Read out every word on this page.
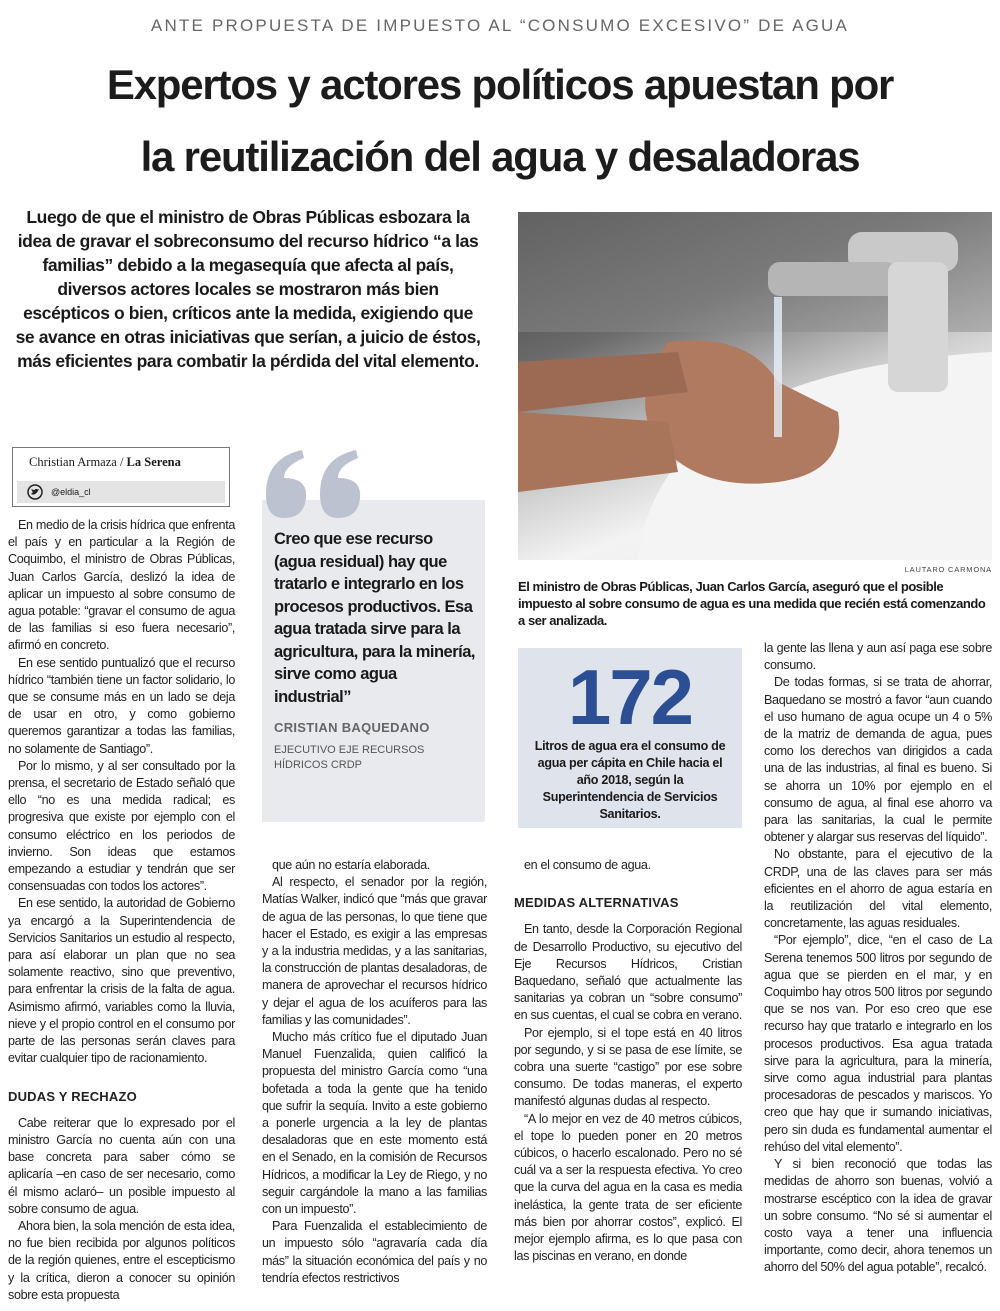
ANTE PROPUESTA DE IMPUESTO AL “CONSUMO EXCESIVO” DE AGUA
Expertos y actores políticos apuestan por
la reutilización del agua y desaladoras
Luego de que el ministro de Obras Públicas esbozara la idea de gravar el sobreconsumo del recurso hídrico “a las familias” debido a la megasequía que afecta al país, diversos actores locales se mostraron más bien escépticos o bien, críticos ante la medida, exigiendo que se avance en otras iniciativas que serían, a juicio de éstos, más eficientes para combatir la pérdida del vital elemento.
LAUTARO CARMONA
El ministro de Obras Públicas, Juan Carlos García, aseguró que el posible impuesto al sobre consumo de agua es una medida que recién está comenzando a ser analizada.
Christian Armaza / La Serena
@eldia_cl

En medio de la crisis hídrica que enfrenta el país y en particular a la Región de Coquimbo, el ministro de Obras Públicas, Juan Carlos García, deslizó la idea de aplicar un impuesto al sobre consumo de agua potable: “gravar el consumo de agua de las familias si eso fuera necesario”, afirmó en concreto.

En ese sentido puntualizó que el recurso hídrico “también tiene un factor solidario, lo que se consume más en un lado se deja de usar en otro, y como gobierno queremos garantizar a todas las familias, no solamente de Santiago”.

Por lo mismo, y al ser consultado por la prensa, el secretario de Estado señaló que ello “no es una medida radical; es progresiva que existe por ejemplo con el consumo eléctrico en los periodos de invierno. Son ideas que estamos empezando a estudiar y tendrán que ser consensuadas con todos los actores”.

En ese sentido, la autoridad de Gobierno ya encargó a la Superintendencia de Servicios Sanitarios un estudio al respecto, para así elaborar un plan que no sea solamente reactivo, sino que preventivo, para enfrentar la crisis de la falta de agua. Asimismo afirmó, variables como la lluvia, nieve y el propio control en el consumo por parte de las personas serán claves para evitar cualquier tipo de racionamiento.

DUDAS Y RECHAZO

Cabe reiterar que lo expresado por el ministro García no cuenta aún con una base concreta para saber cómo se aplicaría –en caso de ser necesario, como él mismo aclaró– un posible impuesto al sobre consumo de agua.

Ahora bien, la sola mención de esta idea, no fue bien recibida por algunos políticos de la región quienes, entre el escepticismo y la crítica, dieron a conocer su opinión sobre esta propuesta

Creo que ese recurso (agua residual) hay que tratarlo e integrarlo en los procesos productivos. Esa agua tratada sirve para la agricultura, para la minería, sirve como agua industrial”
CRISTIAN BAQUEDANO
EJECUTIVO EJE RECURSOS HÍDRICOS CRDP

que aún no estaría elaborada.

Al respecto, el senador por la región, Matías Walker, indicó que “más que gravar de agua de las personas, lo que tiene que hacer el Estado, es exigir a las empresas y a la industria medidas, y a las sanitarias, la construcción de plantas desaladoras, de manera de aprovechar el recursos hídrico y dejar el agua de los acuíferos para las familias y las comunidades”.

Mucho más crítico fue el diputado Juan Manuel Fuenzalida, quien calificó la propuesta del ministro García como “una bofetada a toda la gente que ha tenido que sufrir la sequía. Invito a este gobierno a ponerle urgencia a la ley de plantas desaladoras que en este momento está en el Senado, en la comisión de Recursos Hídricos, a modificar la Ley de Riego, y no seguir cargándole la mano a las familias con un impuesto”.

Para Fuenzalida el establecimiento de un impuesto sólo “agravaría cada día más” la situación económica del país y no tendría efectos restrictivos

172
Litros de agua era el consumo de agua per cápita en Chile hacia el año 2018, según la Superintendencia de Servicios Sanitarios.

en el consumo de agua.

MEDIDAS ALTERNATIVAS

En tanto, desde la Corporación Regional de Desarrollo Productivo, su ejecutivo del Eje Recursos Hídricos, Cristian Baquedano, señaló que actualmente las sanitarias ya cobran un “sobre consumo” en sus cuentas, el cual se cobra en verano.

Por ejemplo, si el tope está en 40 litros por segundo, y si se pasa de ese límite, se cobra una suerte “castigo” por ese sobre consumo. De todas maneras, el experto manifestó algunas dudas al respecto.

“A lo mejor en vez de 40 metros cúbicos, el tope lo pueden poner en 20 metros cúbicos, o hacerlo escalonado. Pero no sé cuál va a ser la respuesta efectiva. Yo creo que la curva del agua en la casa es media inelástica, la gente trata de ser eficiente más bien por ahorrar costos”, explicó. El mejor ejemplo afirma, es lo que pasa con las piscinas en verano, en donde

la gente las llena y aun así paga ese sobre consumo.

De todas formas, si se trata de ahorrar, Baquedano se mostró a favor “aun cuando el uso humano de agua ocupe un 4 o 5% de la matriz de demanda de agua, pues como los derechos van dirigidos a cada una de las industrias, al final es bueno. Si se ahorra un 10% por ejemplo en el consumo de agua, al final ese ahorro va para las sanitarias, la cual le permite obtener y alargar sus reservas del líquido”.

No obstante, para el ejecutivo de la CRDP, una de las claves para ser más eficientes en el ahorro de agua estaría en la reutilización del vital elemento, concretamente, las aguas residuales.

“Por ejemplo”, dice, “en el caso de La Serena tenemos 500 litros por segundo de agua que se pierden en el mar, y en Coquimbo hay otros 500 litros por segundo que se nos van. Por eso creo que ese recurso hay que tratarlo e integrarlo en los procesos productivos. Esa agua tratada sirve para la agricultura, para la minería, sirve como agua industrial para plantas procesadoras de pescados y mariscos. Yo creo que hay que ir sumando iniciativas, pero sin duda es fundamental aumentar el rehúso del vital elemento”.

Y si bien reconoció que todas las medidas de ahorro son buenas, volvió a mostrarse escéptico con la idea de gravar un sobre consumo. “No sé si aumentar el costo vaya a tener una influencia importante, como decir, ahora tenemos un ahorro del 50% del agua potable”, recalcó.
